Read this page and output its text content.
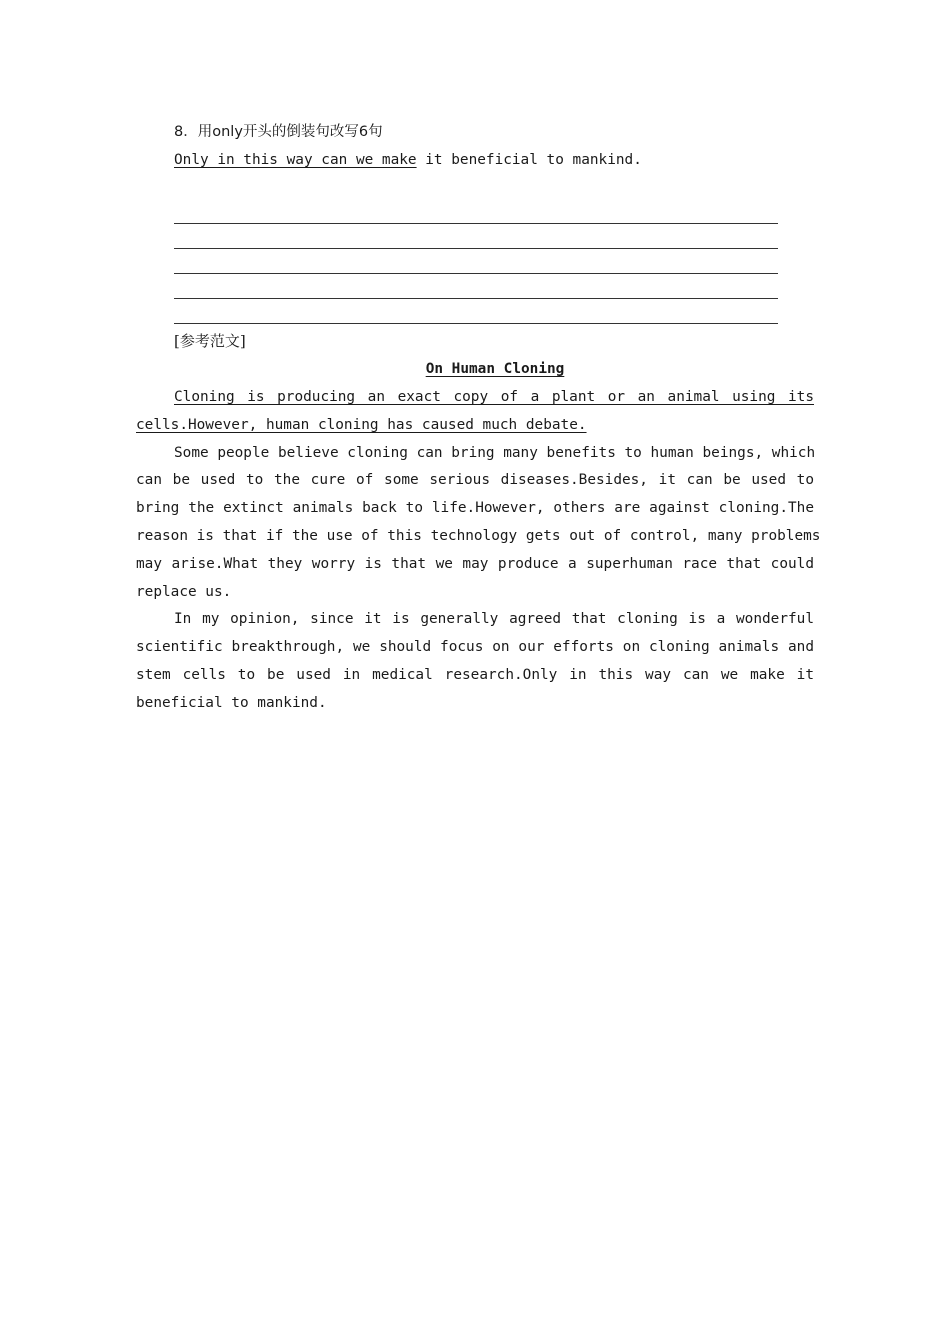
8．用only开头的倒装句改写6句
Only in this way can we make it beneficial to mankind.
[参考范文]
On Human Cloning
Cloning is producing an exact copy of a plant or an animal using its
cells.However, human cloning has caused much debate.
Some people believe cloning can bring many benefits to human beings, which
can be used to the cure of some serious diseases.Besides, it can be used to
bring the extinct animals back to life.However, others are against cloning.The
reason is that if the use of this technology gets out of control, many problems
may arise.What they worry is that we may produce a superhuman race that could
replace us.
In my opinion, since it is generally agreed that cloning is a wonderful
scientific breakthrough, we should focus on our efforts on cloning animals and
stem cells to be used in medical research.Only in this way can we make it
beneficial to mankind.
